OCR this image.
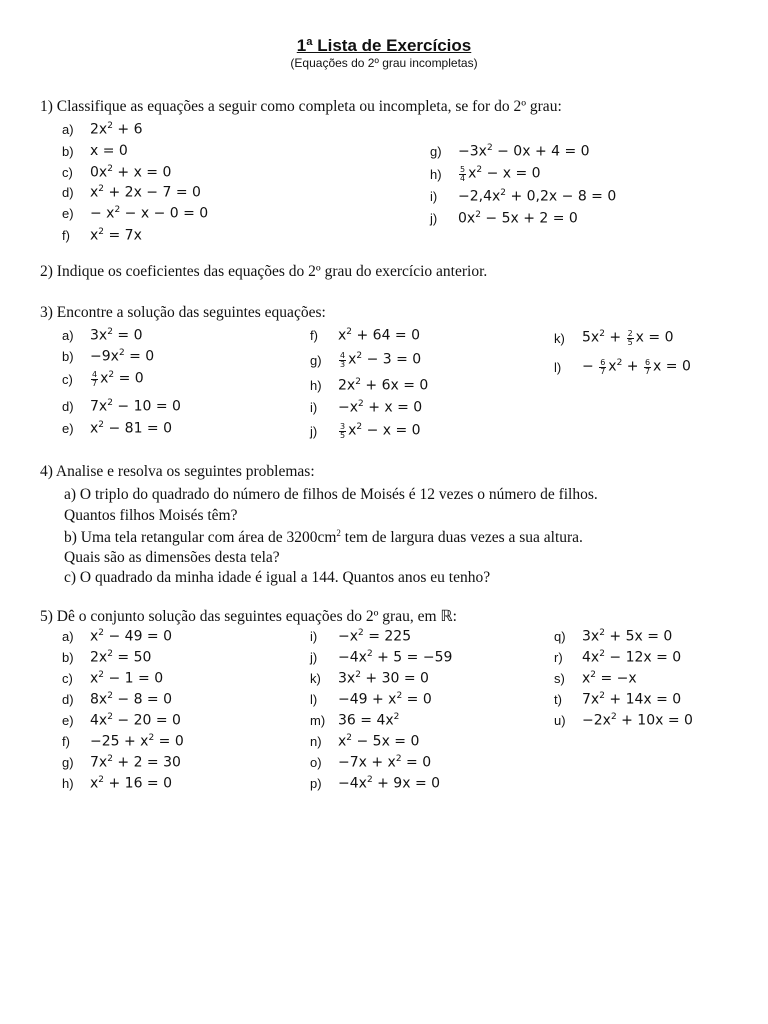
1ª Lista de Exercícios
(Equações do 2º grau incompletas)
1) Classifique as equações a seguir como completa ou incompleta, se for do 2º grau:
a)	$2x^2 + 6$
b)	x = 0
c)	$0x^2 + x = 0$
d)	$x^2 + 2x - 7 = 0$
e)	− $x^2 - x - 0 = 0$
f)	$x^2 = 7x$
g)	$-3x^2 - 0x + 4 = 0$
h)	$\frac{5}{4} x^2 - x = 0$
i)	$-2,4x^2 + 0,2x - 8 = 0$
j)	$0x^2 - 5x + 2 = 0$
2) Indique os coeficientes das equações do 2º grau do exercício anterior.
3) Encontre a solução das seguintes equações:
a)	$3x^2 = 0$
b)	$-9x^2 = 0$
c)	$\frac{4}{7} x^2 = 0$
d)	$7x^2 - 10 = 0$
e)	$x^2 - 81 = 0$
f)	$x^2 + 64 = 0$
g)	$\frac{4}{3} x^2 - 3 = 0$
h)	$2x^2 + 6x = 0$
i)	$-x^2 + x = 0$
j)	$\frac{3}{5} x^2 - x = 0$
k)	$5x^2 + \frac{2}{5}$ x = 0
l)	− $\frac{6}{7} x^2 + \frac{6}{7}$ x = 0
4) Analise e resolva os seguintes problemas:
a) O triplo do quadrado do número de filhos de Moisés é 12 vezes o número de filhos.
Quantos filhos Moisés têm?
b) Uma tela retangular com área de $3200cm^2$ tem de largura duas vezes a sua altura.
Quais são as dimensões desta tela?
c) O quadrado da minha idade é igual a 144. Quantos anos eu tenho?
5) Dê o conjunto solução das seguintes equações do 2º grau, em ℝ:
a)	$x^2 - 49 = 0$
b)	$2x^2 = 50$
c)	$x^2 - 1 = 0$
d)	$8x^2 - 8 = 0$
e)	$4x^2 - 20 = 0$
f)	$-25 + x^2 = 0$
g)	$7x^2 + 2 = 30$
h)	$x^2 + 16 = 0$
i)	$-x^2 = 225$
j)	$-4x^2 + 5 = -59$
k)	$3x^2 + 30 = 0$
l)	$-49 + x^2 = 0$
m) $36 = 4x^2$
n)	$x^2 - 5x = 0$
o)	$-7x + x^2 = 0$
p)	$-4x^2 + 9x = 0$
q)	$3x^2 + 5x = 0$
r)	$4x^2 - 12x = 0$
s)	$x^2 = -x$
t)	$7x^2 + 14x = 0$
u)	$-2x^2 + 10x = 0$
